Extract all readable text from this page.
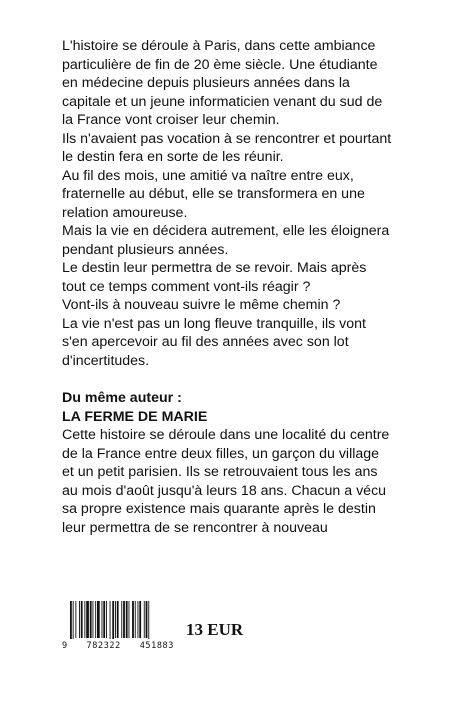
L'histoire se déroule à Paris, dans cette ambiance particulière de fin de 20 ème siècle. Une étudiante en médecine depuis plusieurs années dans la capitale et un jeune informaticien venant du sud de la France vont croiser leur chemin.

Ils n'avaient pas vocation à se rencontrer et pourtant le destin fera en sorte de les réunir.

Au fil des mois, une amitié va naître entre eux, fraternelle au début, elle se transformera en une relation amoureuse.

Mais la vie en décidera autrement, elle les éloignera pendant plusieurs années.

Le destin leur permettra de se revoir. Mais après tout ce temps comment vont-ils réagir ?

Vont-ils à nouveau suivre le même chemin ?

La vie n'est pas un long fleuve tranquille, ils vont s'en apercevoir au fil des années avec son lot d'incertitudes.

Du même auteur :

LA FERME DE MARIE

Cette histoire se déroule dans une localité du centre de la France entre deux filles, un garçon du village et un petit parisien. Ils se retrouvaient tous les ans au mois d'août jusqu'à leurs 18 ans. Chacun a vécu sa propre existence mais quarante après le destin leur permettra de se rencontrer à nouveau

9 782322 451883
13 EUR
